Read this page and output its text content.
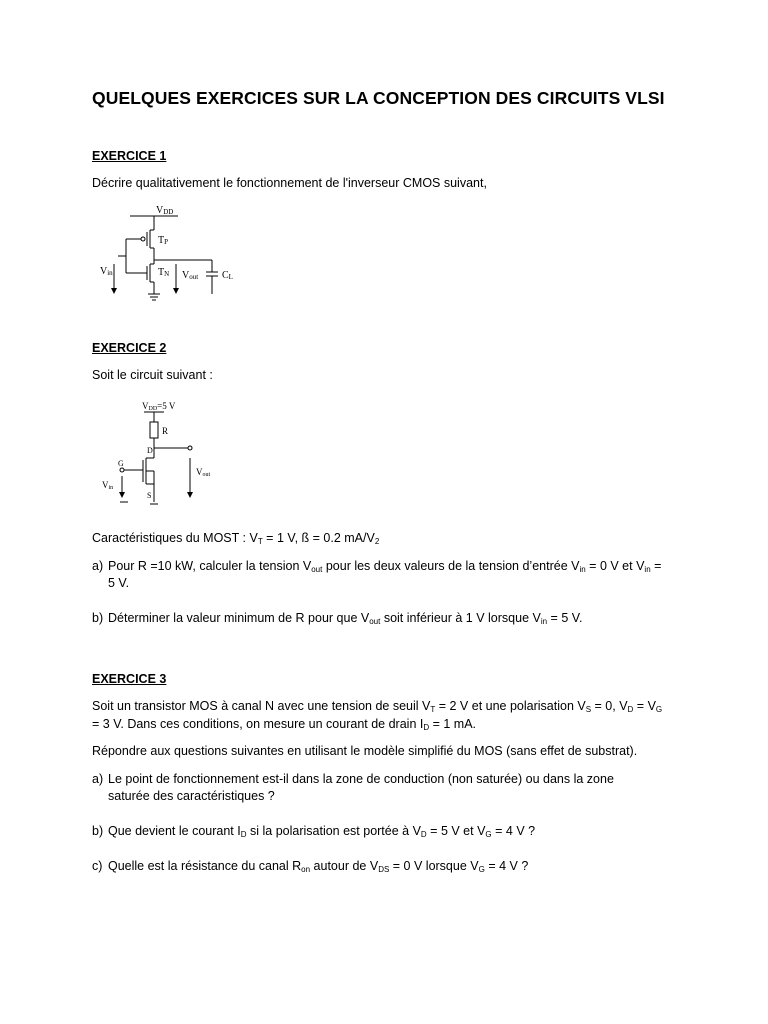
QUELQUES EXERCICES SUR LA CONCEPTION DES CIRCUITS VLSI
EXERCICE 1
Décrire qualitativement le fonctionnement de l'inverseur CMOS suivant,
VDD
TP
TN
Vin	Vout CL
EXERCICE 2
Soit le circuit suivant :
VDD=5 V
R
D
G
S
Vin
Vout
Caractéristiques du MOST : $V_T = 1$ V, ß = 0.2 $mA/V_2$
a) Pour R =10 kW, calculer la tension $V_{out}$ pour les deux valeurs de la tension d’entrée $V_{in} = 0$ V et $V_{in}$ =
5 V.
b) Déterminer la valeur minimum de R pour que $V_{out}$ soit inférieur à 1 V lorsque $V_{in} = 5$ V.
EXERCICE 3
Soit un transistor MOS à canal N avec une tension de seuil $V_T = 2$ V et une polarisation $V_S = 0$, $V_D = V_G$
= 3 V. Dans ces conditions, on mesure un courant de drain $I_D = 1$ mA.
Répondre aux questions suivantes en utilisant le modèle simplifié du MOS (sans effet de substrat).
a) Le point de fonctionnement est-il dans la zone de conduction (non saturée) ou dans la zone
saturée des caractéristiques ?
b) Que devient le courant $I_D$ si la polarisation est portée à $V_D = 5$ V et $V_G = 4$ V ?
c) Quelle est la résistance du canal $R_{on}$ autour de $V_{DS} = 0$ V lorsque $V_G = 4$ V ?
